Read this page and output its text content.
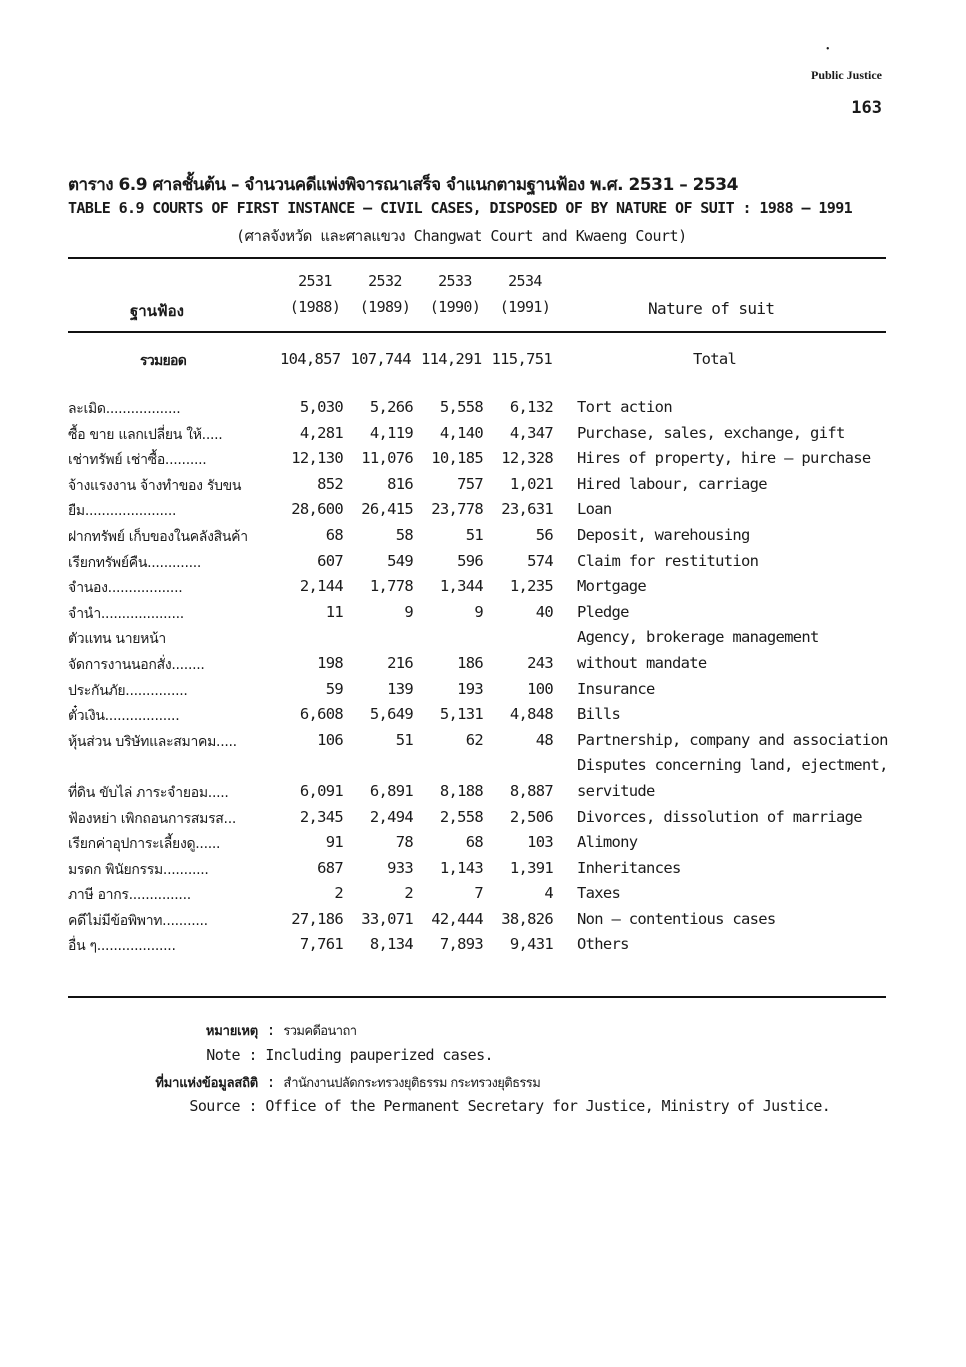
•
Public Justice
163
ตาราง 6.9 ศาลชั้นต้น – จำนวนคดีแพ่งพิจารณาเสร็จ จำแนกตามฐานฟ้อง พ.ศ. 2531 – 2534
TABLE 6.9 COURTS OF FIRST INSTANCE – CIVIL CASES, DISPOSED OF BY NATURE OF SUIT : 1988 – 1991
(ศาลจังหวัด และศาลแขวง Changwat Court and Kwaeng Court)
ฐานฟ้อง
2531	2532	2533	2534
(1988)	(1989)	(1990)	(1991)	Nature of suit
รวมยอด	104,857 107,744 114,291 115,751	Total
ละเมิด..................	5,030	5,266	5,558	6,132	Tort action
ซื้อ ขาย แลกเปลี่ยน ให้.....	4,281	4,119	4,140	4,347	Purchase, sales, exchange, gift
เช่าทรัพย์ เช่าซื้อ..........	12,130	11,076	10,185	12,328	Hires of property, hire – purchase
จ้างแรงงาน จ้างทำของ รับขน	852	816	757	1,021	Hired labour, carriage
ยืม......................	28,600	26,415	23,778	23,631	Loan
ฝากทรัพย์ เก็บของในคลังสินค้า	68	58	51	56	Deposit, warehousing
เรียกทรัพย์คืน.............	607	549	596	574	Claim for restitution
จำนอง..................	2,144	1,778	1,344	1,235	Mortgage
จำนำ....................	11	9	9	40	Pledge
ตัวแทน นายหน้า					Agency, brokerage management
จัดการงานนอกสั่ง........	198	216	186	243	without mandate
ประกันภัย...............	59	139	193	100	Insurance
ตั๋วเงิน..................	6,608	5,649	5,131	4,848	Bills
หุ้นส่วน บริษัทและสมาคม.....	106	51	62	48	Partnership, company and association
					Disputes concerning land, ejectment,
ที่ดิน ขับไล่ ภาระจำยอม.....	6,091	6,891	8,188	8,887	servitude
ฟ้องหย่า เพิกถอนการสมรส...	2,345	2,494	2,558	2,506	Divorces, dissolution of marriage
เรียกค่าอุปการะเลี้ยงดู......	91	78	68	103	Alimony
มรดก พินัยกรรม...........	687	933	1,143	1,391	Inheritances
ภาษี อากร...............	2	2	7	4	Taxes
คดีไม่มีข้อพิพาท...........	27,186	33,071	42,444	38,826	Non – contentious cases
อื่น ๆ...................	7,761	8,134	7,893	9,431	Others
หมายเหตุ : รวมคดีอนาถา
Note : Including pauperized cases.
ที่มาแห่งข้อมูลสถิติ : สำนักงานปลัดกระทรวงยุติธรรม กระทรวงยุติธรรม
Source : Office of the Permanent Secretary for Justice, Ministry of Justice.
